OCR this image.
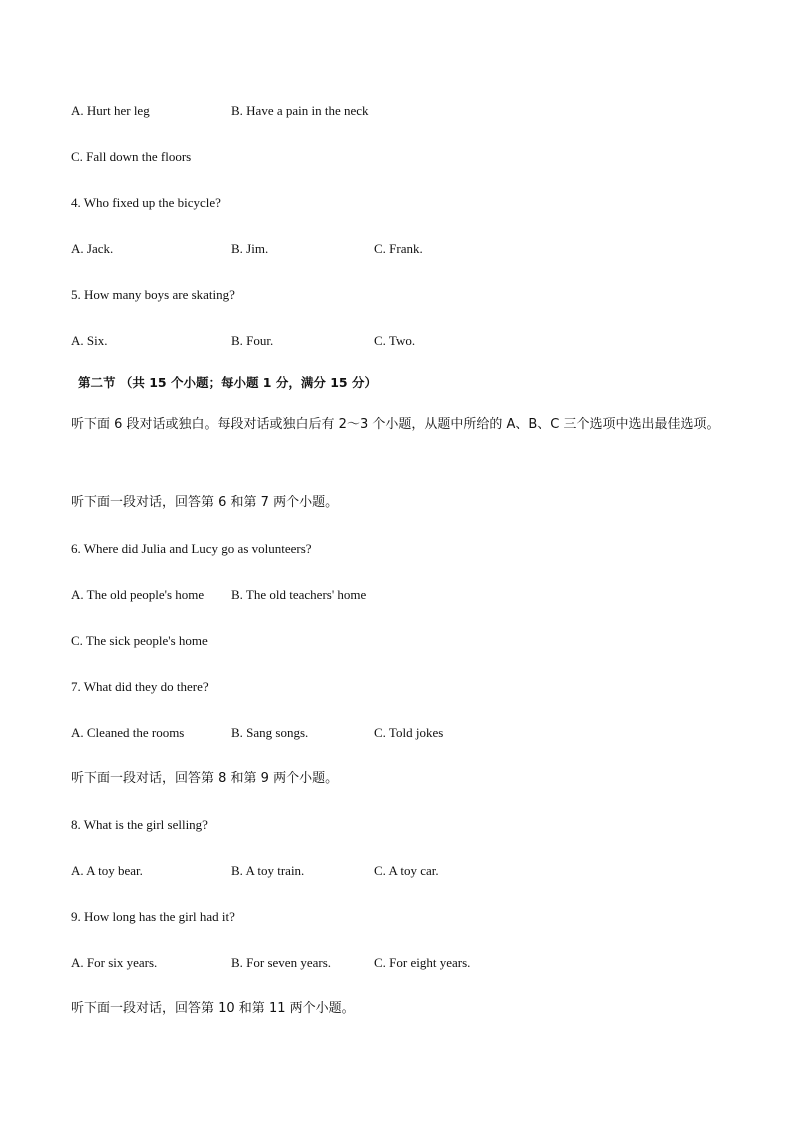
A. Hurt her leg	B. Have a pain in the neck
C. Fall down the floors
4. Who fixed up the bicycle?
A. Jack.	B. Jim.	C. Frank.
5. How many boys are skating?
A. Six.	B. Four.	C. Two.
第二节 （共 15 个小题；每小题 1 分，满分 15 分）
听下面 6 段对话或独白。每段对话或独白后有 2～3 个小题，从题中所给的 A、B、C 三个选项中选出最佳选项。
听下面一段对话，回答第 6 和第 7 两个小题。
6. Where did Julia and Lucy go as volunteers?
A. The old people's home B. The old teachers' home
C. The sick people's home
7. What did they do there?
A. Cleaned the rooms	B. Sang songs.	C. Told jokes
听下面一段对话，回答第 8 和第 9 两个小题。
8. What is the girl selling?
A. A toy bear.	B. A toy train.	C. A toy car.
9. How long has the girl had it?
A. For six years.	B. For seven years.	C. For eight years.
听下面一段对话，回答第 10 和第 11 两个小题。
